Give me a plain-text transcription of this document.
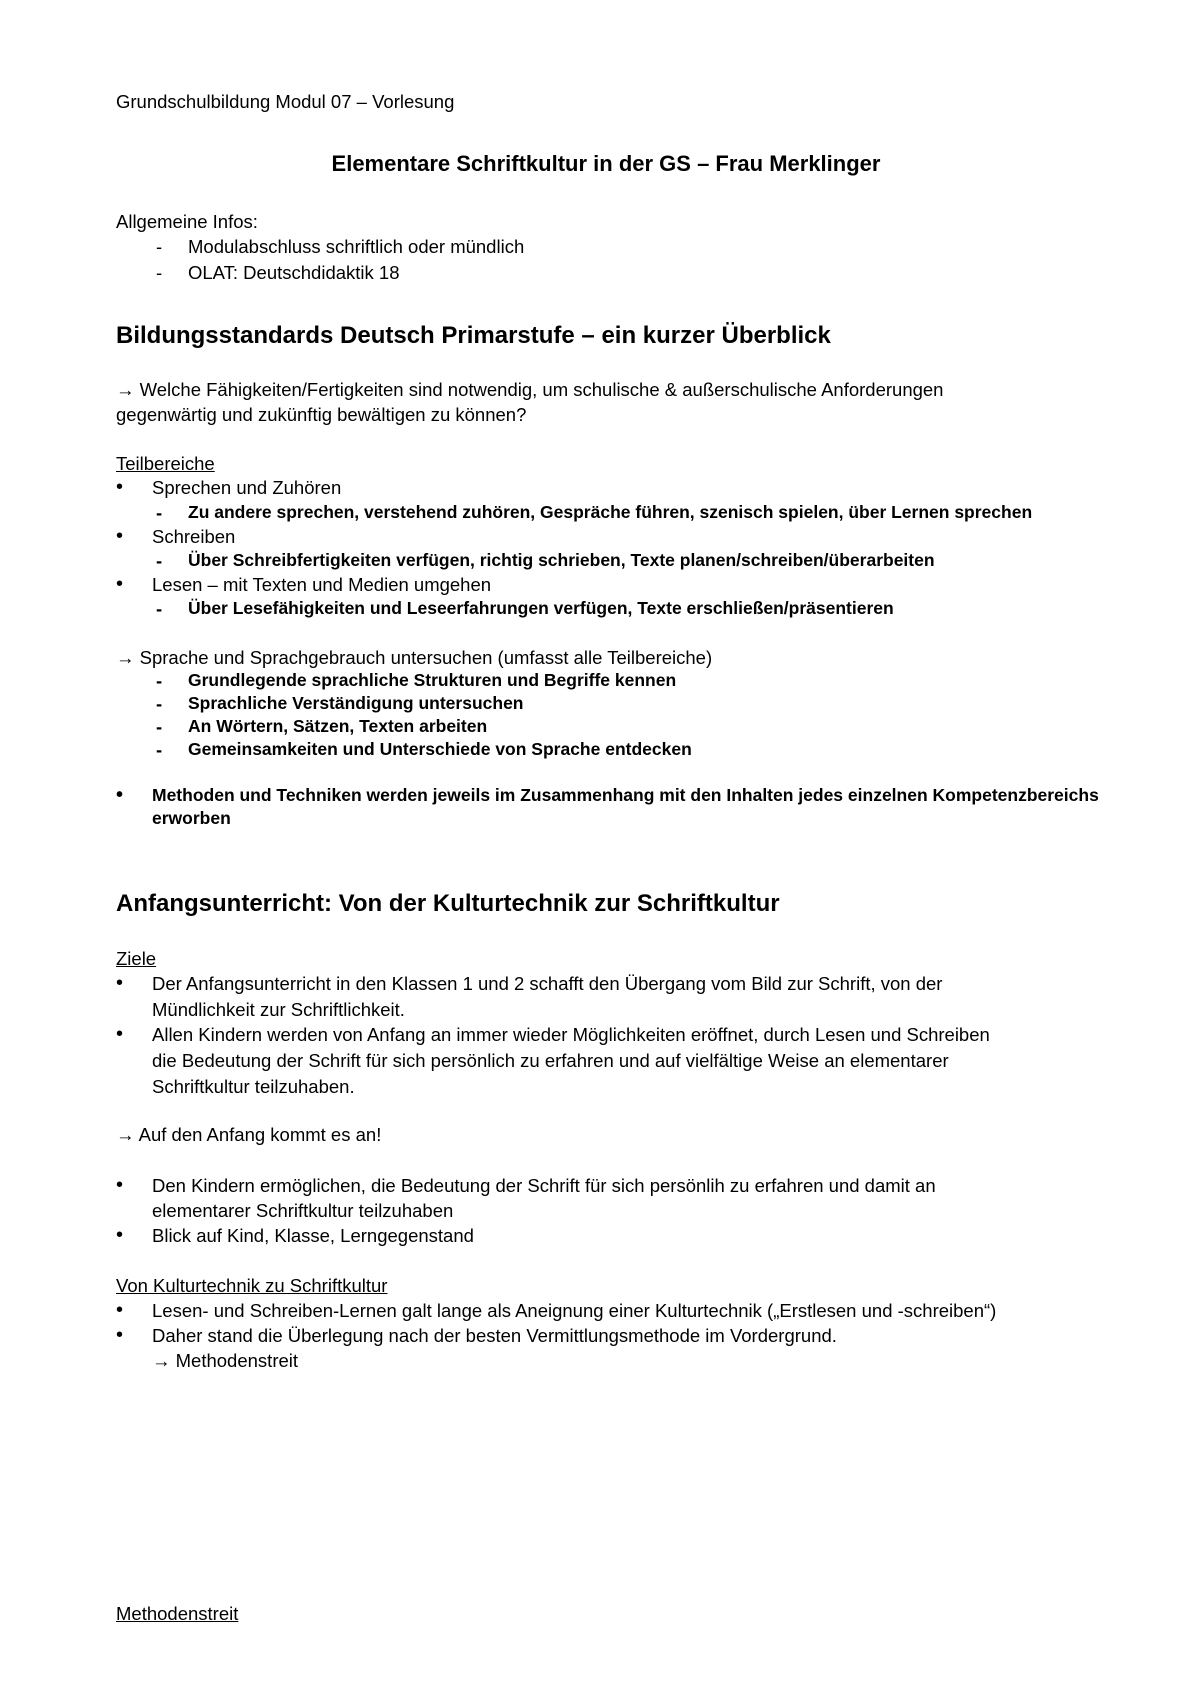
Grundschulbildung Modul 07 – Vorlesung
Elementare Schriftkultur in der GS – Frau Merklinger
Allgemeine Infos:
- Modulabschluss schriftlich oder mündlich
- OLAT: Deutschdidaktik 18
Bildungsstandards Deutsch Primarstufe – ein kurzer Überblick
→ Welche Fähigkeiten/Fertigkeiten sind notwendig, um schulische & außerschulische Anforderungen
gegenwärtig und zukünftig bewältigen zu können?
Teilbereiche
• Sprechen und Zuhören
- Zu andere sprechen, verstehend zuhören, Gespräche führen, szenisch spielen, über Lernen sprechen
• Schreiben
- Über Schreibfertigkeiten verfügen, richtig schrieben, Texte planen/schreiben/überarbeiten
• Lesen – mit Texten und Medien umgehen
- Über Lesefähigkeiten und Leseerfahrungen verfügen, Texte erschließen/präsentieren
→ Sprache und Sprachgebrauch untersuchen (umfasst alle Teilbereiche)
- Grundlegende sprachliche Strukturen und Begriffe kennen
- Sprachliche Verständigung untersuchen
- An Wörtern, Sätzen, Texten arbeiten
- Gemeinsamkeiten und Unterschiede von Sprache entdecken
• Methoden und Techniken werden jeweils im Zusammenhang mit den Inhalten jedes einzelnen Kompetenzbereichs
erworben
Anfangsunterricht: Von der Kulturtechnik zur Schriftkultur
Ziele
• Der Anfangsunterricht in den Klassen 1 und 2 schafft den Übergang vom Bild zur Schrift, von der
Mündlichkeit zur Schriftlichkeit.
• Allen Kindern werden von Anfang an immer wieder Möglichkeiten eröffnet, durch Lesen und Schreiben
die Bedeutung der Schrift für sich persönlich zu erfahren und auf vielfältige Weise an elementarer
Schriftkultur teilzuhaben.
→ Auf den Anfang kommt es an!
• Den Kindern ermöglichen, die Bedeutung der Schrift für sich persönlih zu erfahren und damit an
elementarer Schriftkultur teilzuhaben
• Blick auf Kind, Klasse, Lerngegenstand
Von Kulturtechnik zu Schriftkultur
• Lesen- und Schreiben-Lernen galt lange als Aneignung einer Kulturtechnik („Erstlesen und -schreiben“)
• Daher stand die Überlegung nach der besten Vermittlungsmethode im Vordergrund.
→ Methodenstreit
Methodenstreit
